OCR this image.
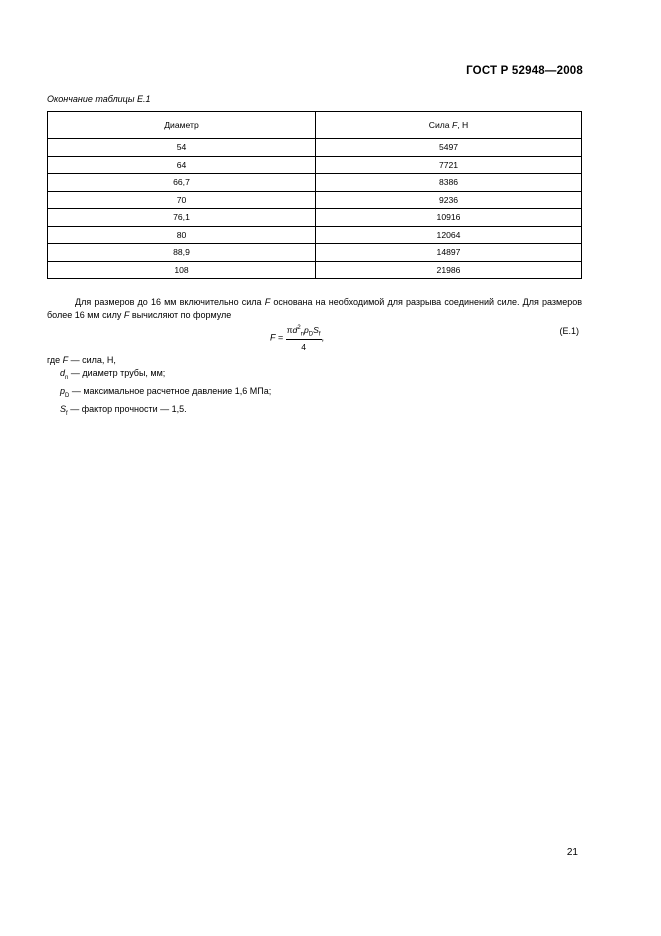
ГОСТ Р 52948—2008
Окончание таблицы Е.1
Диаметр	Сила F, Н
54	5497
64	7721
66,7	8386
70	9236
76,1	10916
80	12064
88,9	14897
108	21986
Для размеров до 16 мм включительно сила F основана на необходимой для разрыва соединений силе. Для размеров более 16 мм силу F вычисляют по формуле
$F = \frac{\pi d^2_np_DS_f}{4}$ ,
(E.1)
где F — сила, Н,
$d_n$ — диаметр трубы, мм;
$p_D$ — максимальное расчетное давление 1,6 МПа;
$S_f$ — фактор прочности — 1,5.
21
